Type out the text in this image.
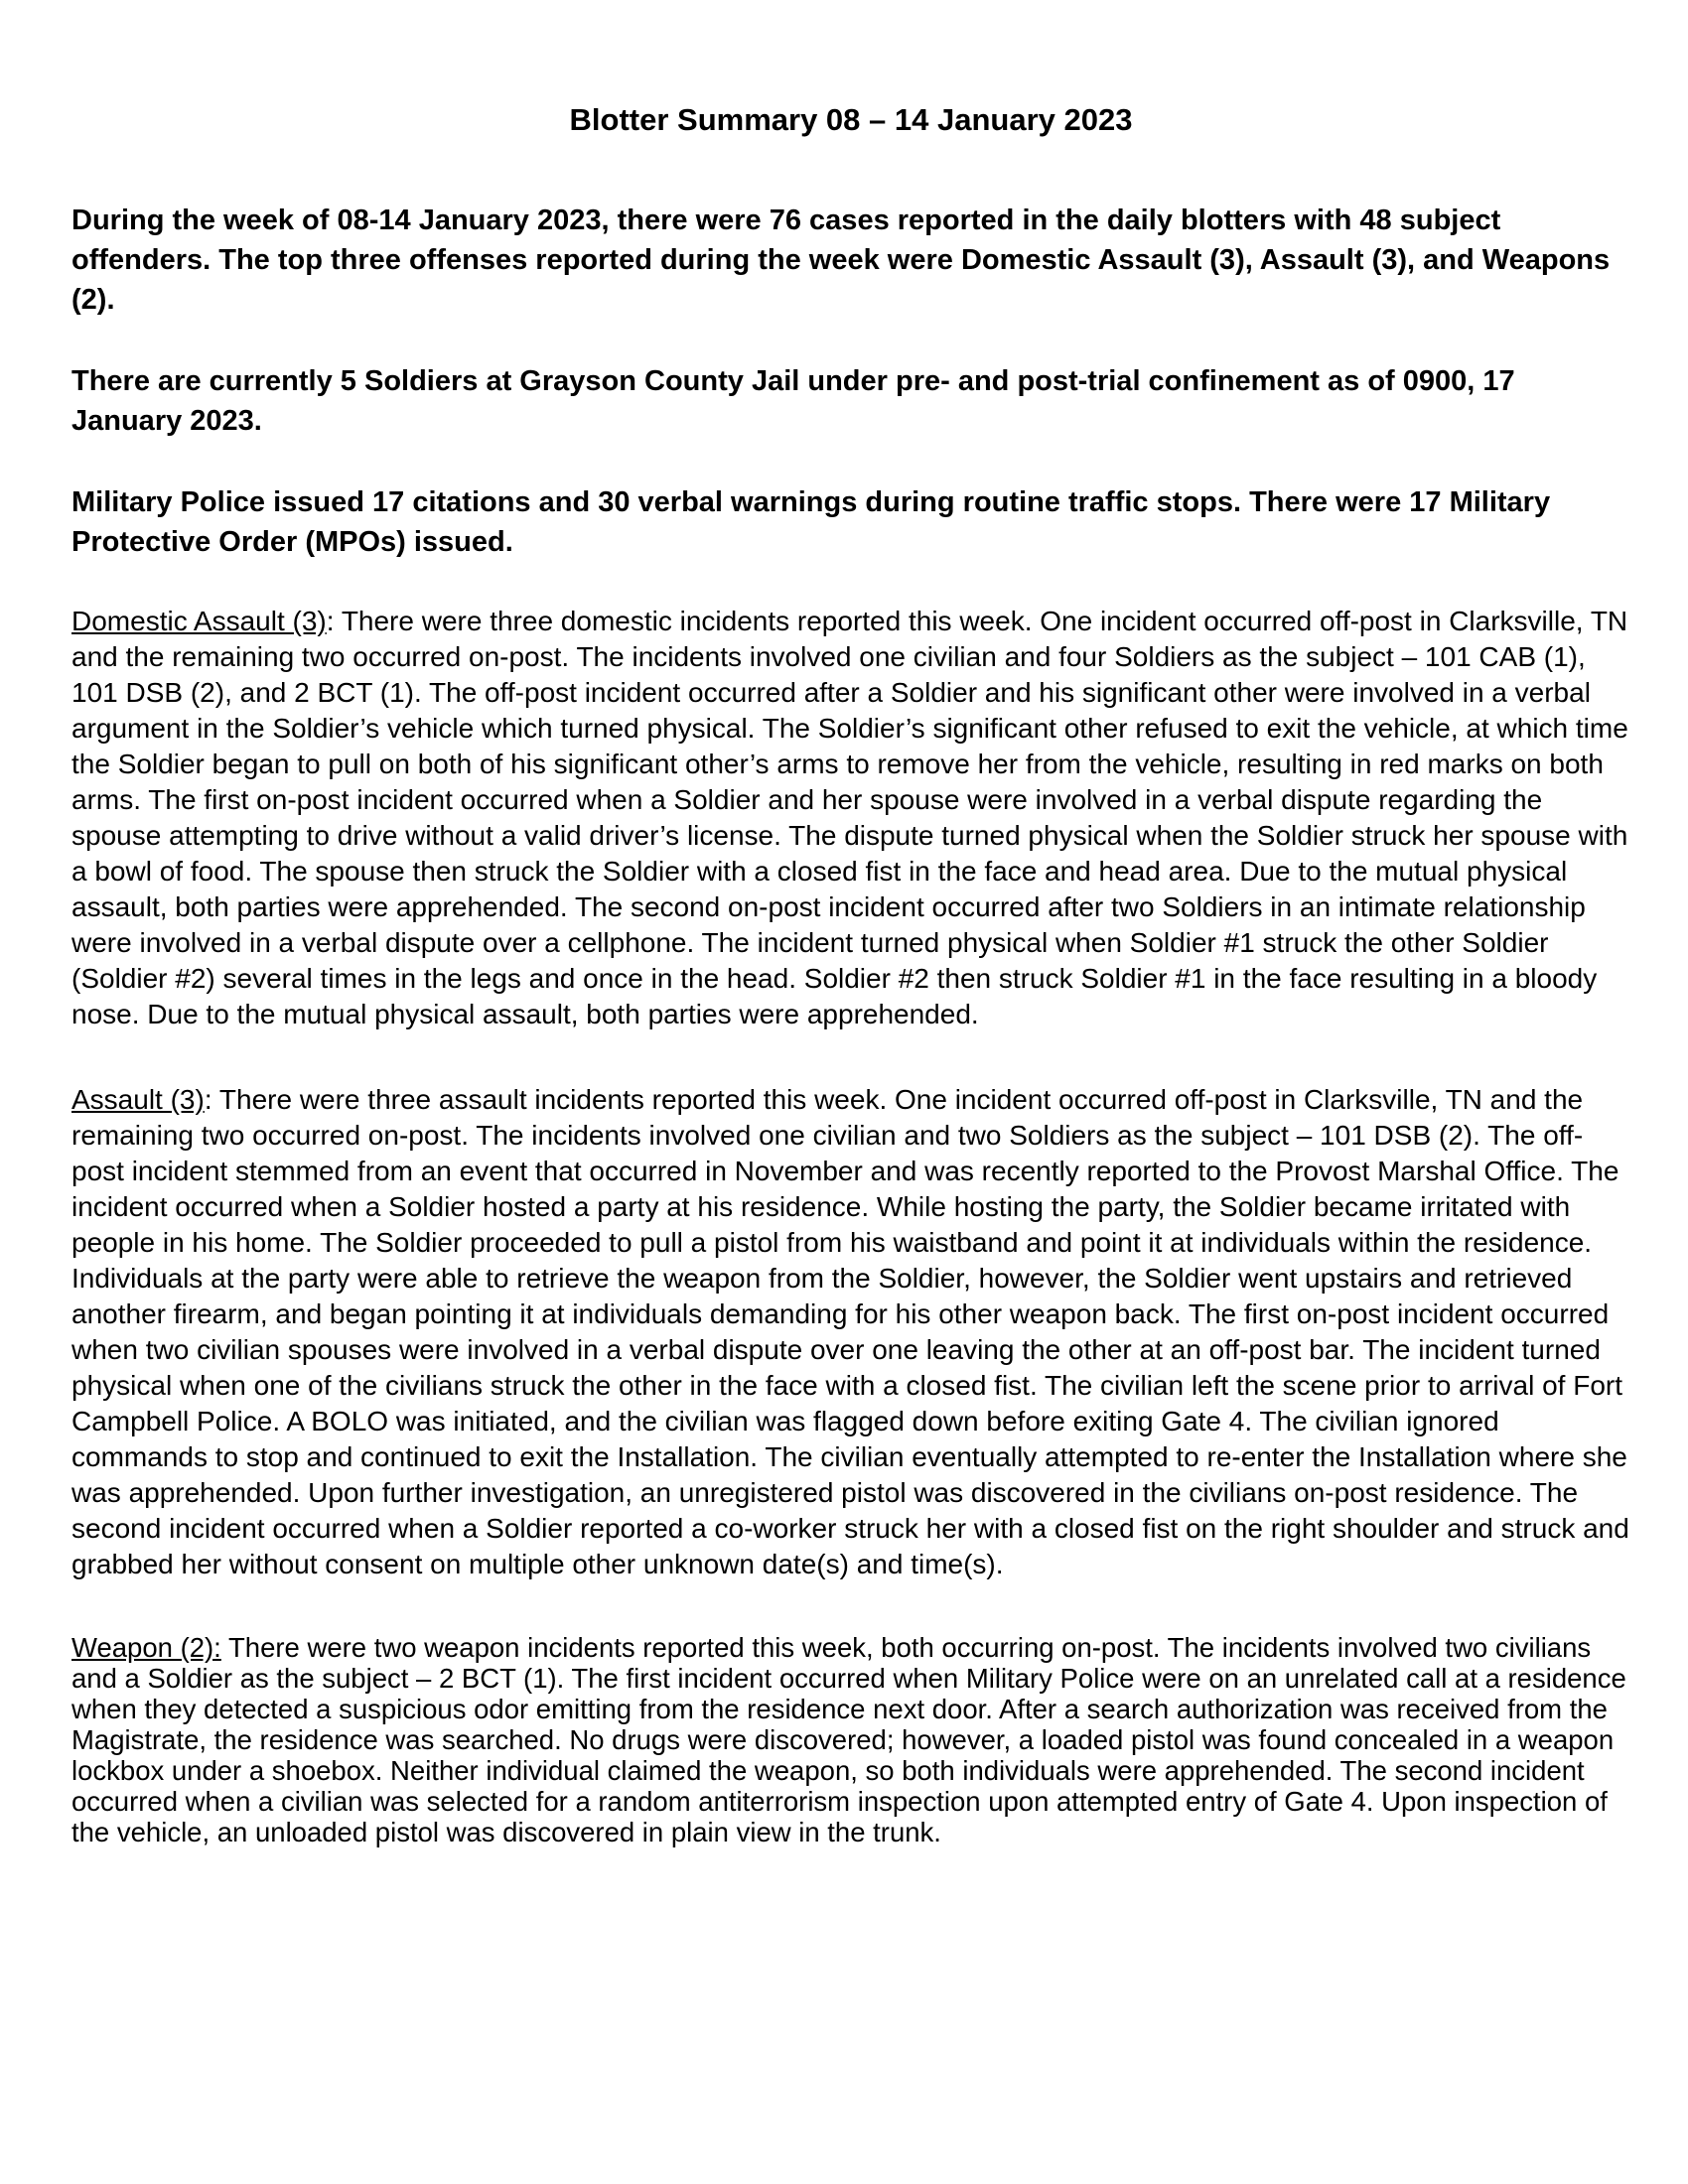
Blotter Summary 08 – 14 January 2023

During the week of 08-14 January 2023, there were 76 cases reported in the daily blotters with 48 subject offenders. The top three offenses reported during the week were Domestic Assault (3), Assault (3), and Weapons (2).

There are currently 5 Soldiers at Grayson County Jail under pre- and post-trial confinement as of 0900, 17 January 2023.

Military Police issued 17 citations and 30 verbal warnings during routine traffic stops. There were 17 Military Protective Order (MPOs) issued.

Domestic Assault (3): There were three domestic incidents reported this week. One incident occurred off-post in Clarksville, TN and the remaining two occurred on-post. The incidents involved one civilian and four Soldiers as the subject – 101 CAB (1), 101 DSB (2), and 2 BCT (1). The off-post incident occurred after a Soldier and his significant other were involved in a verbal argument in the Soldier’s vehicle which turned physical. The Soldier’s significant other refused to exit the vehicle, at which time the Soldier began to pull on both of his significant other’s arms to remove her from the vehicle, resulting in red marks on both arms. The first on-post incident occurred when a Soldier and her spouse were involved in a verbal dispute regarding the spouse attempting to drive without a valid driver’s license. The dispute turned physical when the Soldier struck her spouse with a bowl of food. The spouse then struck the Soldier with a closed fist in the face and head area. Due to the mutual physical assault, both parties were apprehended. The second on-post incident occurred after two Soldiers in an intimate relationship were involved in a verbal dispute over a cellphone. The incident turned physical when Soldier #1 struck the other Soldier (Soldier #2) several times in the legs and once in the head. Soldier #2 then struck Soldier #1 in the face resulting in a bloody nose. Due to the mutual physical assault, both parties were apprehended.

Assault (3): There were three assault incidents reported this week. One incident occurred off-post in Clarksville, TN and the remaining two occurred on-post. The incidents involved one civilian and two Soldiers as the subject – 101 DSB (2). The off-post incident stemmed from an event that occurred in November and was recently reported to the Provost Marshal Office. The incident occurred when a Soldier hosted a party at his residence. While hosting the party, the Soldier became irritated with people in his home. The Soldier proceeded to pull a pistol from his waistband and point it at individuals within the residence. Individuals at the party were able to retrieve the weapon from the Soldier, however, the Soldier went upstairs and retrieved another firearm, and began pointing it at individuals demanding for his other weapon back. The first on-post incident occurred when two civilian spouses were involved in a verbal dispute over one leaving the other at an off-post bar. The incident turned physical when one of the civilians struck the other in the face with a closed fist. The civilian left the scene prior to arrival of Fort Campbell Police. A BOLO was initiated, and the civilian was flagged down before exiting Gate 4. The civilian ignored commands to stop and continued to exit the Installation. The civilian eventually attempted to re-enter the Installation where she was apprehended. Upon further investigation, an unregistered pistol was discovered in the civilians on-post residence. The second incident occurred when a Soldier reported a co-worker struck her with a closed fist on the right shoulder and struck and grabbed her without consent on multiple other unknown date(s) and time(s).

Weapon (2): There were two weapon incidents reported this week, both occurring on-post. The incidents involved two civilians and a Soldier as the subject – 2 BCT (1). The first incident occurred when Military Police were on an unrelated call at a residence when they detected a suspicious odor emitting from the residence next door. After a search authorization was received from the Magistrate, the residence was searched. No drugs were discovered; however, a loaded pistol was found concealed in a weapon lockbox under a shoebox. Neither individual claimed the weapon, so both individuals were apprehended. The second incident occurred when a civilian was selected for a random antiterrorism inspection upon attempted entry of Gate 4. Upon inspection of the vehicle, an unloaded pistol was discovered in plain view in the trunk.
